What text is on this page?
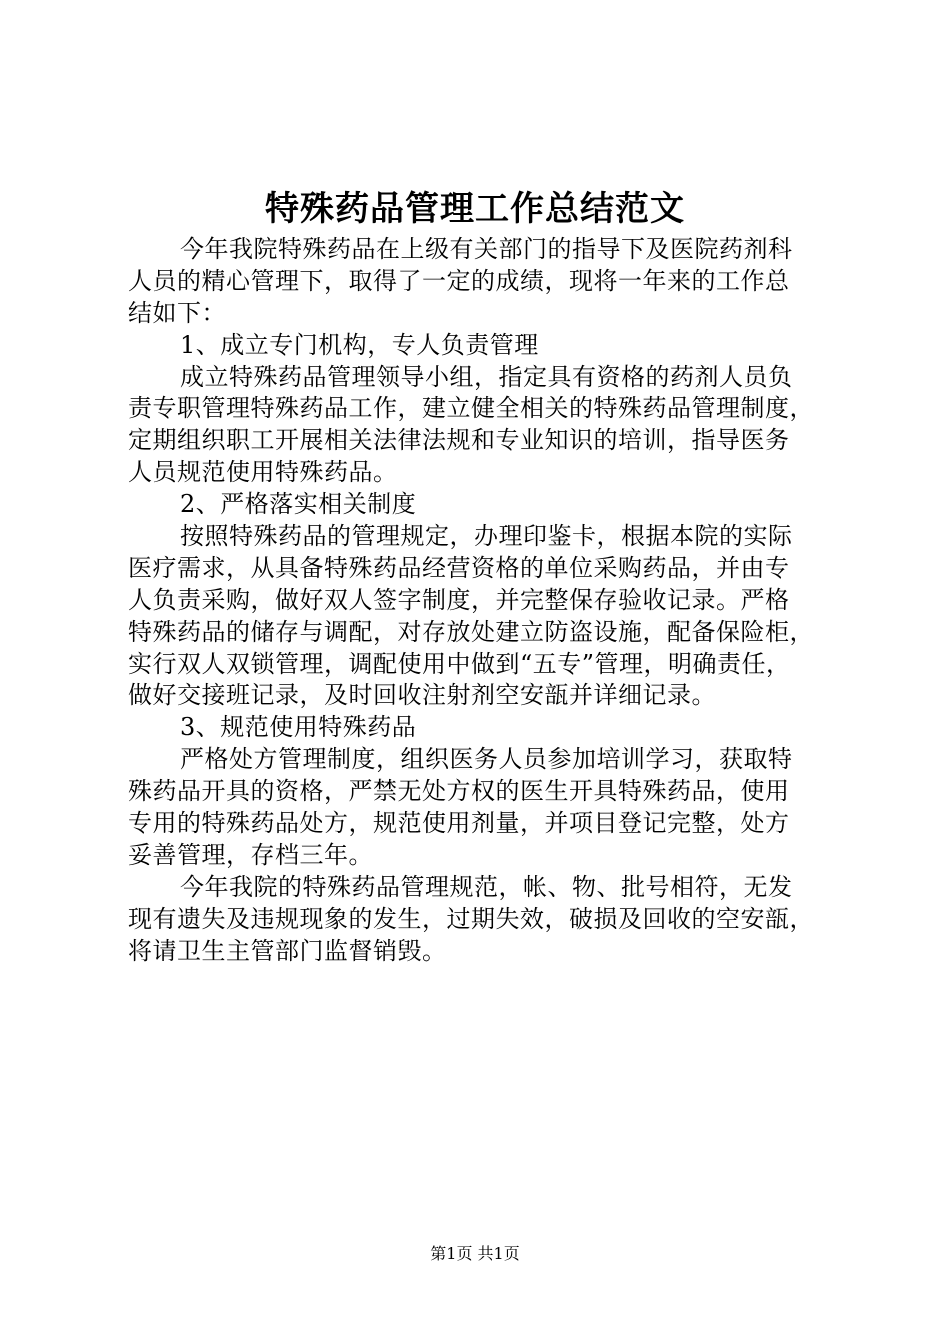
特殊药品管理工作总结范文
今年我院特殊药品在上级有关部门的指导下及医院药剂科
人员的精心管理下，取得了一定的成绩，现将一年来的工作总
结如下：
1、成立专门机构，专人负责管理
成立特殊药品管理领导小组，指定具有资格的药剂人员负
责专职管理特殊药品工作，建立健全相关的特殊药品管理制度，
定期组织职工开展相关法律法规和专业知识的培训，指导医务
人员规范使用特殊药品。
2、严格落实相关制度
按照特殊药品的管理规定，办理印鉴卡，根据本院的实际
医疗需求，从具备特殊药品经营资格的单位采购药品，并由专
人负责采购，做好双人签字制度，并完整保存验收记录。严格
特殊药品的储存与调配，对存放处建立防盗设施，配备保险柜，
实行双人双锁管理，调配使用中做到“五专”管理，明确责任，
做好交接班记录，及时回收注射剂空安瓿并详细记录。
3、规范使用特殊药品
严格处方管理制度，组织医务人员参加培训学习，获取特
殊药品开具的资格，严禁无处方权的医生开具特殊药品，使用
专用的特殊药品处方，规范使用剂量，并项目登记完整，处方
妥善管理，存档三年。
今年我院的特殊药品管理规范，帐、物、批号相符，无发
现有遗失及违规现象的发生，过期失效，破损及回收的空安瓿，
将请卫生主管部门监督销毁。
第1页 共1页
